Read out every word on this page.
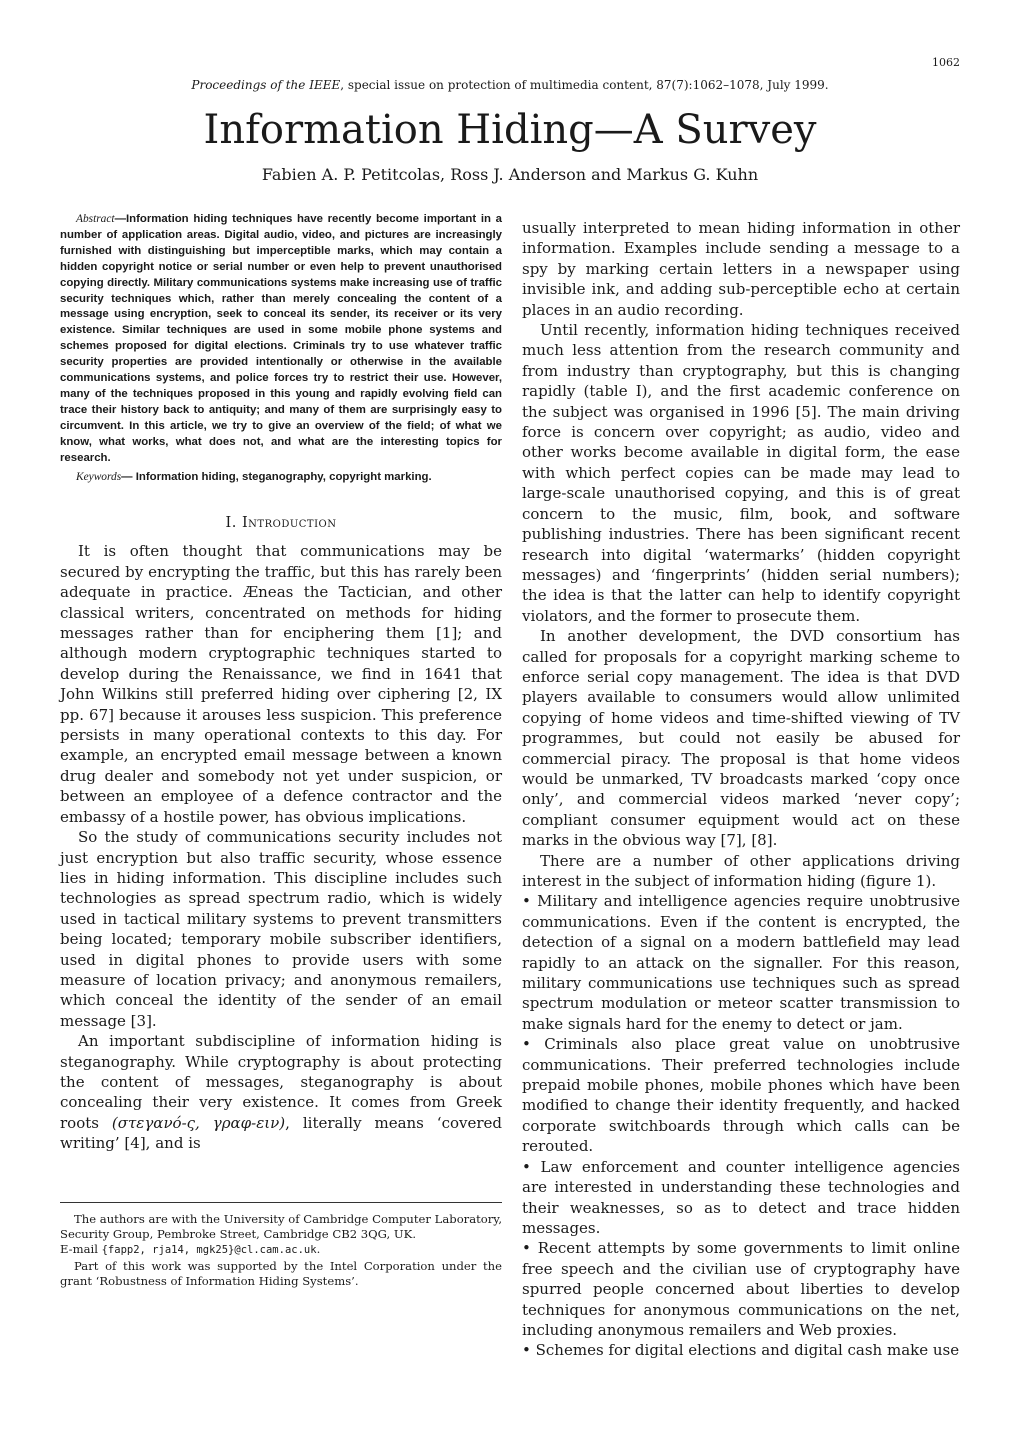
1062
Proceedings of the IEEE, special issue on protection of multimedia content, 87(7):1062–1078, July 1999.
Information Hiding—A Survey
Fabien A. P. Petitcolas, Ross J. Anderson and Markus G. Kuhn

Abstract—Information hiding techniques have recently become important in a number of application areas. Digital audio, video, and pictures are increasingly furnished with distinguishing but imperceptible marks, which may contain a hidden copyright notice or serial number or even help to prevent unauthorised copying directly. Military communications systems make increasing use of traffic security techniques which, rather than merely concealing the content of a message using encryption, seek to conceal its sender, its receiver or its very existence. Similar techniques are used in some mobile phone systems and schemes proposed for digital elections. Criminals try to use whatever traffic security properties are provided intentionally or otherwise in the available communications systems, and police forces try to restrict their use. However, many of the techniques proposed in this young and rapidly evolving field can trace their history back to antiquity; and many of them are surprisingly easy to circumvent. In this article, we try to give an overview of the field; of what we know, what works, what does not, and what are the interesting topics for research.

Keywords— Information hiding, steganography, copyright marking.

I. Introduction

It is often thought that communications may be secured by encrypting the traffic, but this has rarely been adequate in practice. Æneas the Tactician, and other classical writers, concentrated on methods for hiding messages rather than for enciphering them [1]; and although modern cryptographic techniques started to develop during the Renaissance, we find in 1641 that John Wilkins still preferred hiding over ciphering [2, IX pp. 67] because it arouses less suspicion. This preference persists in many operational contexts to this day. For example, an encrypted email message between a known drug dealer and somebody not yet under suspicion, or between an employee of a defence contractor and the embassy of a hostile power, has obvious implications.

So the study of communications security includes not just encryption but also traffic security, whose essence lies in hiding information. This discipline includes such technologies as spread spectrum radio, which is widely used in tactical military systems to prevent transmitters being located; temporary mobile subscriber identifiers, used in digital phones to provide users with some measure of location privacy; and anonymous remailers, which conceal the identity of the sender of an email message [3].

An important subdiscipline of information hiding is steganography. While cryptography is about protecting the content of messages, steganography is about concealing their very existence. It comes from Greek roots (στεγανό-ς, γραφ-ειν), literally means ‘covered writing’ [4], and is

The authors are with the University of Cambridge Computer Laboratory, Security Group, Pembroke Street, Cambridge CB2 3QG, UK.

E-mail {fapp2, rja14, mgk25}@cl.cam.ac.uk.

Part of this work was supported by the Intel Corporation under the grant ‘Robustness of Information Hiding Systems’.

usually interpreted to mean hiding information in other information. Examples include sending a message to a spy by marking certain letters in a newspaper using invisible ink, and adding sub-perceptible echo at certain places in an audio recording.

Until recently, information hiding techniques received much less attention from the research community and from industry than cryptography, but this is changing rapidly (table I), and the first academic conference on the subject was organised in 1996 [5]. The main driving force is concern over copyright; as audio, video and other works become available in digital form, the ease with which perfect copies can be made may lead to large-scale unauthorised copying, and this is of great concern to the music, film, book, and software publishing industries. There has been significant recent research into digital ‘watermarks’ (hidden copyright messages) and ‘fingerprints’ (hidden serial numbers); the idea is that the latter can help to identify copyright violators, and the former to prosecute them.

In another development, the DVD consortium has called for proposals for a copyright marking scheme to enforce serial copy management. The idea is that DVD players available to consumers would allow unlimited copying of home videos and time-shifted viewing of TV programmes, but could not easily be abused for commercial piracy. The proposal is that home videos would be unmarked, TV broadcasts marked ‘copy once only’, and commercial videos marked ‘never copy’; compliant consumer equipment would act on these marks in the obvious way [7], [8].

There are a number of other applications driving interest in the subject of information hiding (figure 1).

• Military and intelligence agencies require unobtrusive communications. Even if the content is encrypted, the detection of a signal on a modern battlefield may lead rapidly to an attack on the signaller. For this reason, military communications use techniques such as spread spectrum modulation or meteor scatter transmission to make signals hard for the enemy to detect or jam.

• Criminals also place great value on unobtrusive communications. Their preferred technologies include prepaid mobile phones, mobile phones which have been modified to change their identity frequently, and hacked corporate switchboards through which calls can be rerouted.

• Law enforcement and counter intelligence agencies are interested in understanding these technologies and their weaknesses, so as to detect and trace hidden messages.

• Recent attempts by some governments to limit online free speech and the civilian use of cryptography have spurred people concerned about liberties to develop techniques for anonymous communications on the net, including anonymous remailers and Web proxies.

• Schemes for digital elections and digital cash make use
